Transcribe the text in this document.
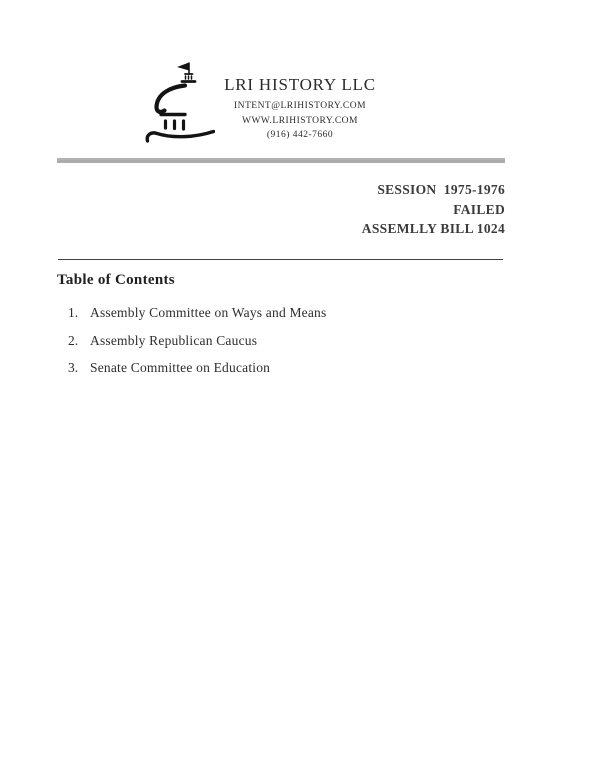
LRI HISTORY LLC
INTENT@LRIHISTORY.COM
WWW.LRIHISTORY.COM
(916) 442-7660
SESSION  1975-1976
FAILED
ASSEMLLY BILL 1024
Table of Contents
1. Assembly Committee on Ways and Means
2. Assembly Republican Caucus
3. Senate Committee on Education
